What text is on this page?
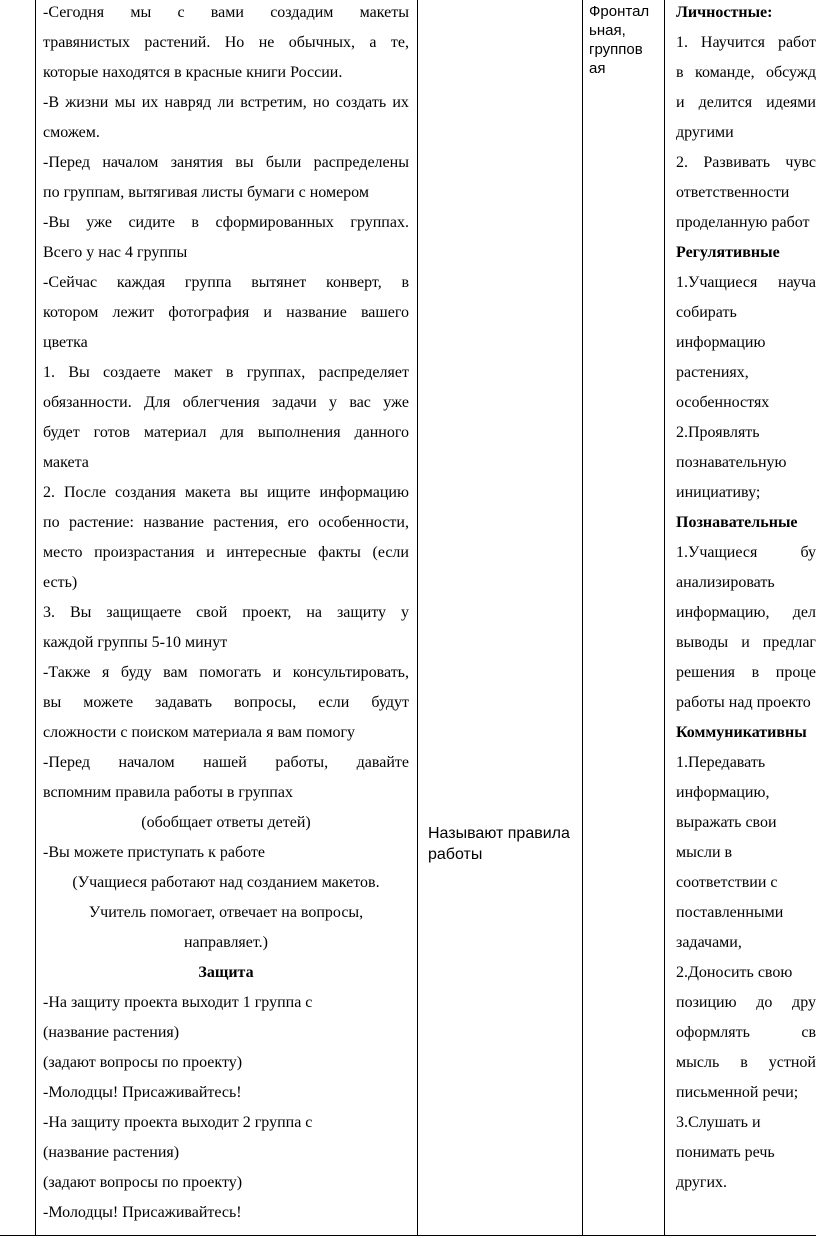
-Сегодня мы с вами создадим макеты

травянистых растений. Но не обычных, а те,

которые находятся в красные книги России.

-В жизни мы их навряд ли встретим, но создать их

сможем.

-Перед началом занятия вы были распределены

по группам, вытягивая листы бумаги с номером

-Вы уже сидите в сформированных группах.

Всего у нас 4 группы

-Сейчас каждая группа вытянет конверт, в

котором лежит фотография и название вашего

цветка

1. Вы создаете макет в группах, распределяет

обязанности. Для облегчения задачи у вас уже

будет готов материал для выполнения данного

макета

2. После создания макета вы ищите информацию

по растение: название растения, его особенности,

место произрастания и интересные факты (если

есть)

3. Вы защищаете свой проект, на защиту у

каждой группы 5-10 минут

-Также я буду вам помогать и консультировать,

вы можете задавать вопросы, если будут

сложности с поиском материала я вам помогу

-Перед началом нашей работы, давайте

вспомним правила работы в группах

(обобщает ответы детей)

-Вы можете приступать к работе

(Учащиеся работают над созданием макетов.

Учитель помогает, отвечает на вопросы,

направляет.)

Защита

-На защиту проекта выходит 1 группа с

(название растения)

(задают вопросы по проекту)

-Молодцы! Присаживайтесь!

-На защиту проекта выходит 2 группа с

(название растения)

(задают вопросы по проекту)

-Молодцы! Присаживайтесь!

Называют правила
работы
Фронтал
ьная,
группов
ая

Личностные:

1. Научится работ

в команде, обсужд

и делится идеями

другими

2. Развивать чувс

ответственности

проделанную работ

Регулятивные

1.Учащиеся науча

собирать

информацию

растениях,

особенностях

2.Проявлять

познавательную

инициативу;

Познавательные

1.Учащиеся	бу

анализировать

информацию, дел

выводы и предлаг

решения в проце

работы над проекто

Коммуникативны

1.Передавать

информацию,

выражать свои

мысли в

соответствии с

поставленными

задачами,

2.Доносить свою

позицию до дру

оформлять	св

мысль в устной

письменной речи;

3.Слушать и

понимать речь

других.
